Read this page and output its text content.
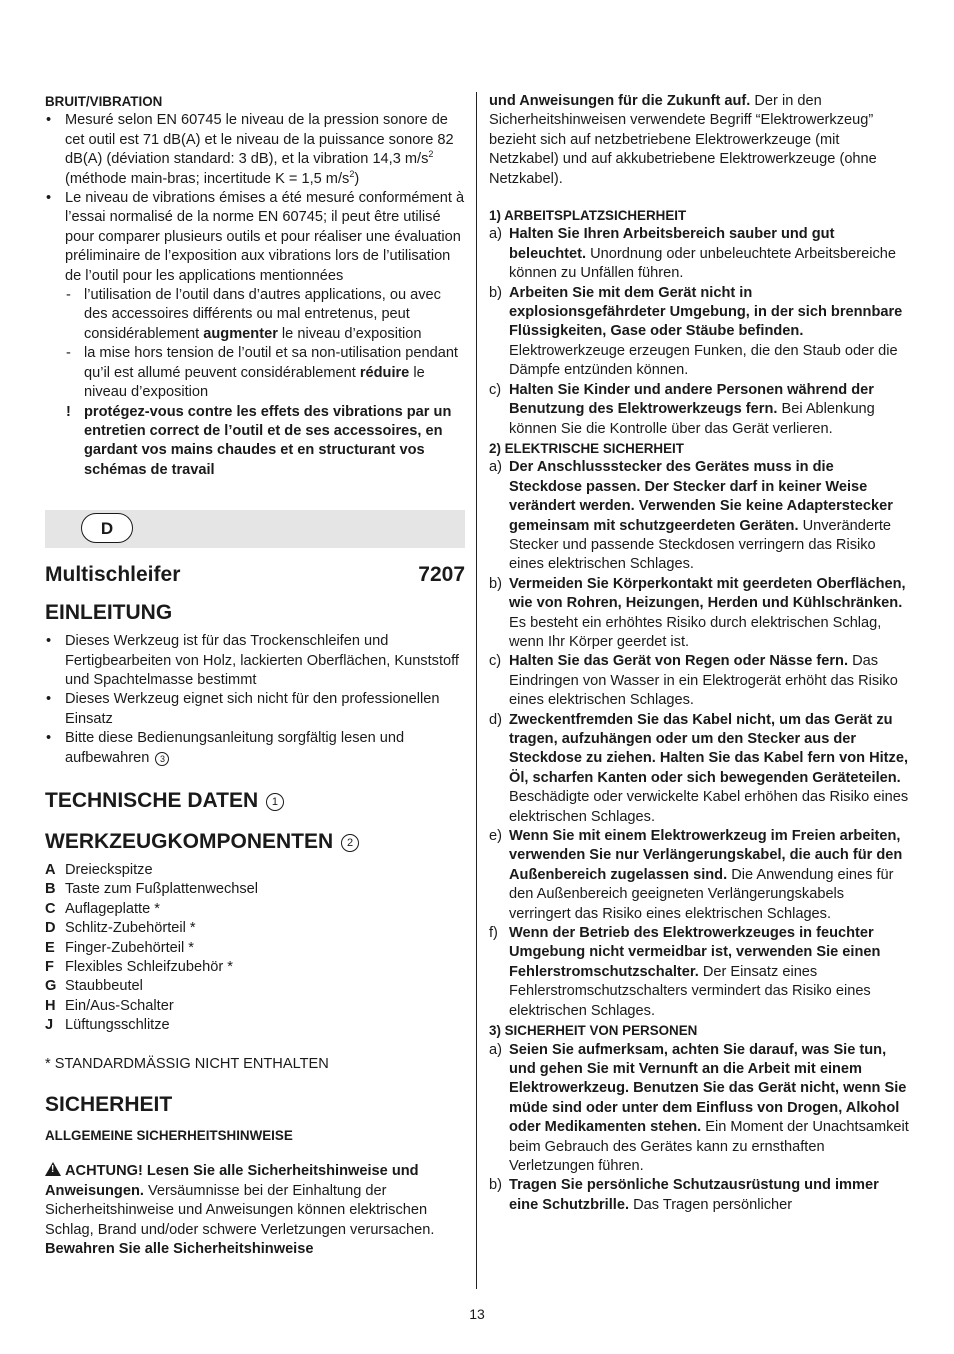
BRUIT/VIBRATION
• Mesuré selon EN 60745 le niveau de la pression sonore de cet outil est 71 dB(A) et le niveau de la puissance sonore 82 dB(A) (déviation standard: 3 dB), et la vibration 14,3 $m/s^2$ (méthode main-bras; incertitude K = 1,5 $m/s^2$)
• Le niveau de vibrations émises a été mesuré conformément à l’essai normalisé de la norme EN 60745; il peut être utilisé pour comparer plusieurs outils et pour réaliser une évaluation préliminaire de l’exposition aux vibrations lors de l’utilisation de l’outil pour les applications mentionnées
- l’utilisation de l’outil dans d’autres applications, ou avec des accessoires différents ou mal entretenus, peut considérablement augmenter le niveau d’exposition
- la mise hors tension de l’outil et sa non-utilisation pendant qu’il est allumé peuvent considérablement réduire le niveau d’exposition
! protégez-vous contre les effets des vibrations par un entretien correct de l’outil et de ses accessoires, en gardant vos mains chaudes et en structurant vos schémas de travail
D
Multischleifer	7207
EINLEITUNG
• Dieses Werkzeug ist für das Trockenschleifen und Fertigbearbeiten von Holz, lackierten Oberflächen, Kunststoff und Spachtelmasse bestimmt
• Dieses Werkzeug eignet sich nicht für den professionellen Einsatz
• Bitte diese Bedienungsanleitung sorgfältig lesen und aufbewahren 3
TECHNISCHE DATEN 1
WERKZEUGKOMPONENTEN 2
A Dreieckspitze
B Taste zum Fußplattenwechsel
C Auflageplatte *
D Schlitz-Zubehörteil *
E Finger-Zubehörteil *
F Flexibles Schleifzubehör *
G Staubbeutel
H Ein/Aus-Schalter
J Lüftungsschlitze
* STANDARDMÄSSIG NICHT ENTHALTEN
SICHERHEIT
ALLGEMEINE SICHERHEITSHINWEISE
!ACHTUNG! Lesen Sie alle Sicherheitshinweise und Anweisungen. Versäumnisse bei der Einhaltung der Sicherheitshinweise und Anweisungen können elektrischen Schlag, Brand und/oder schwere Verletzungen verursachen. Bewahren Sie alle Sicherheitshinweise
und Anweisungen für die Zukunft auf. Der in den Sicherheitshinweisen verwendete Begriff “Elektrowerkzeug” bezieht sich auf netzbetriebene Elektrowerkzeuge (mit Netzkabel) und auf akkubetriebene Elektrowerkzeuge (ohne Netzkabel).
1) ARBEITSPLATZSICHERHEIT
a) Halten Sie Ihren Arbeitsbereich sauber und gut beleuchtet. Unordnung oder unbeleuchtete Arbeitsbereiche können zu Unfällen führen.
b) Arbeiten Sie mit dem Gerät nicht in explosionsgefährdeter Umgebung, in der sich brennbare Flüssigkeiten, Gase oder Stäube befinden. Elektrowerkzeuge erzeugen Funken, die den Staub oder die Dämpfe entzünden können.
c) Halten Sie Kinder und andere Personen während der Benutzung des Elektrowerkzeugs fern. Bei Ablenkung können Sie die Kontrolle über das Gerät verlieren.
2) ELEKTRISCHE SICHERHEIT
a) Der Anschlussstecker des Gerätes muss in die Steckdose passen. Der Stecker darf in keiner Weise verändert werden. Verwenden Sie keine Adapterstecker gemeinsam mit schutzgeerdeten Geräten. Unveränderte Stecker und passende Steckdosen verringern das Risiko eines elektrischen Schlages.
b) Vermeiden Sie Körperkontakt mit geerdeten Oberflächen, wie von Rohren, Heizungen, Herden und Kühlschränken. Es besteht ein erhöhtes Risiko durch elektrischen Schlag, wenn Ihr Körper geerdet ist.
c) Halten Sie das Gerät von Regen oder Nässe fern. Das Eindringen von Wasser in ein Elektrogerät erhöht das Risiko eines elektrischen Schlages.
d) Zweckentfremden Sie das Kabel nicht, um das Gerät zu tragen, aufzuhängen oder um den Stecker aus der Steckdose zu ziehen. Halten Sie das Kabel fern von Hitze, Öl, scharfen Kanten oder sich bewegenden Geräteteilen. Beschädigte oder verwickelte Kabel erhöhen das Risiko eines elektrischen Schlages.
e) Wenn Sie mit einem Elektrowerkzeug im Freien arbeiten, verwenden Sie nur Verlängerungskabel, die auch für den Außenbereich zugelassen sind. Die Anwendung eines für den Außenbereich geeigneten Verlängerungskabels verringert das Risiko eines elektrischen Schlages.
f) Wenn der Betrieb des Elektrowerkzeuges in feuchter Umgebung nicht vermeidbar ist, verwenden Sie einen Fehlerstromschutzschalter. Der Einsatz eines Fehlerstromschutzschalters vermindert das Risiko eines elektrischen Schlages.
3) SICHERHEIT VON PERSONEN
a) Seien Sie aufmerksam, achten Sie darauf, was Sie tun, und gehen Sie mit Vernunft an die Arbeit mit einem Elektrowerkzeug. Benutzen Sie das Gerät nicht, wenn Sie müde sind oder unter dem Einfluss von Drogen, Alkohol oder Medikamenten stehen. Ein Moment der Unachtsamkeit beim Gebrauch des Gerätes kann zu ernsthaften Verletzungen führen.
b) Tragen Sie persönliche Schutzausrüstung und immer eine Schutzbrille. Das Tragen persönlicher
13
